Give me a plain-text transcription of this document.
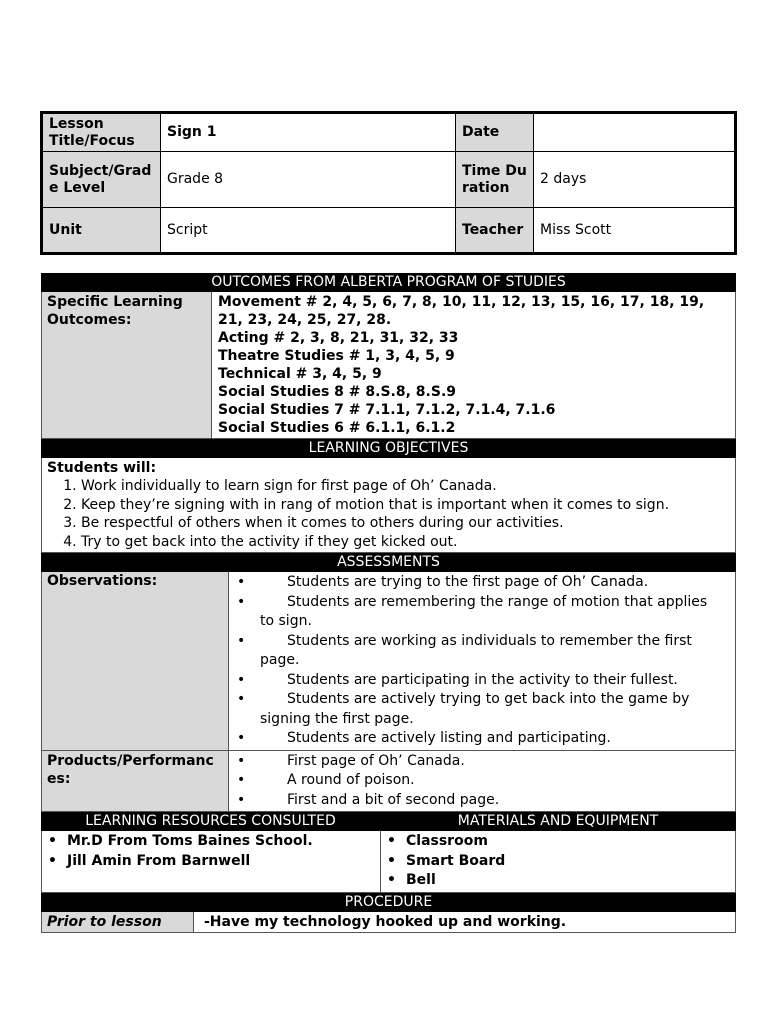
Lesson Title/Focus
Sign 1	Date
Subject/Grade Level
Grade 8
Time Duration
2 days
Unit	Script	Teacher	Miss Scott
OUTCOMES FROM ALBERTA PROGRAM OF STUDIES
Specific Learning Outcomes:
Movement # 2, 4, 5, 6, 7, 8, 10, 11, 12, 13, 15, 16, 17, 18, 19, 21, 23, 24, 25, 27, 28.
Acting # 2, 3, 8, 21, 31, 32, 33
Theatre Studies # 1, 3, 4, 5, 9
Technical # 3, 4, 5, 9
Social Studies 8 # 8.S.8, 8.S.9
Social Studies 7 # 7.1.1, 7.1.2, 7.1.4, 7.1.6
Social Studies 6 # 6.1.1, 6.1.2
LEARNING OBJECTIVES
Students will:
1. Work individually to learn sign for first page of Oh’ Canada.
2. Keep they’re signing with in rang of motion that is important when it comes to sign.
3. Be respectful of others when it comes to others during our activities.
4. Try to get back into the activity if they get kicked out.
ASSESSMENTS
Observations:
•	Students are trying to the first page of Oh’ Canada.
• Students are remembering the range of motion that applies to sign.
• Students are working as individuals to remember the first page.
• Students are participating in the activity to their fullest.
• Students are actively trying to get back into the game by signing the first page.
• Students are actively listing and participating.
Products/Performances:
• First page of Oh’ Canada.
• A round of poison.
• First and a bit of second page.
LEARNING RESOURCES CONSULTED	MATERIALS AND EQUIPMENT
• Mr.D From Toms Baines School.
• Jill Amin From Barnwell
• Classroom
• Smart Board
• Bell
PROCEDURE
Prior to lesson	-Have my technology hooked up and working.
